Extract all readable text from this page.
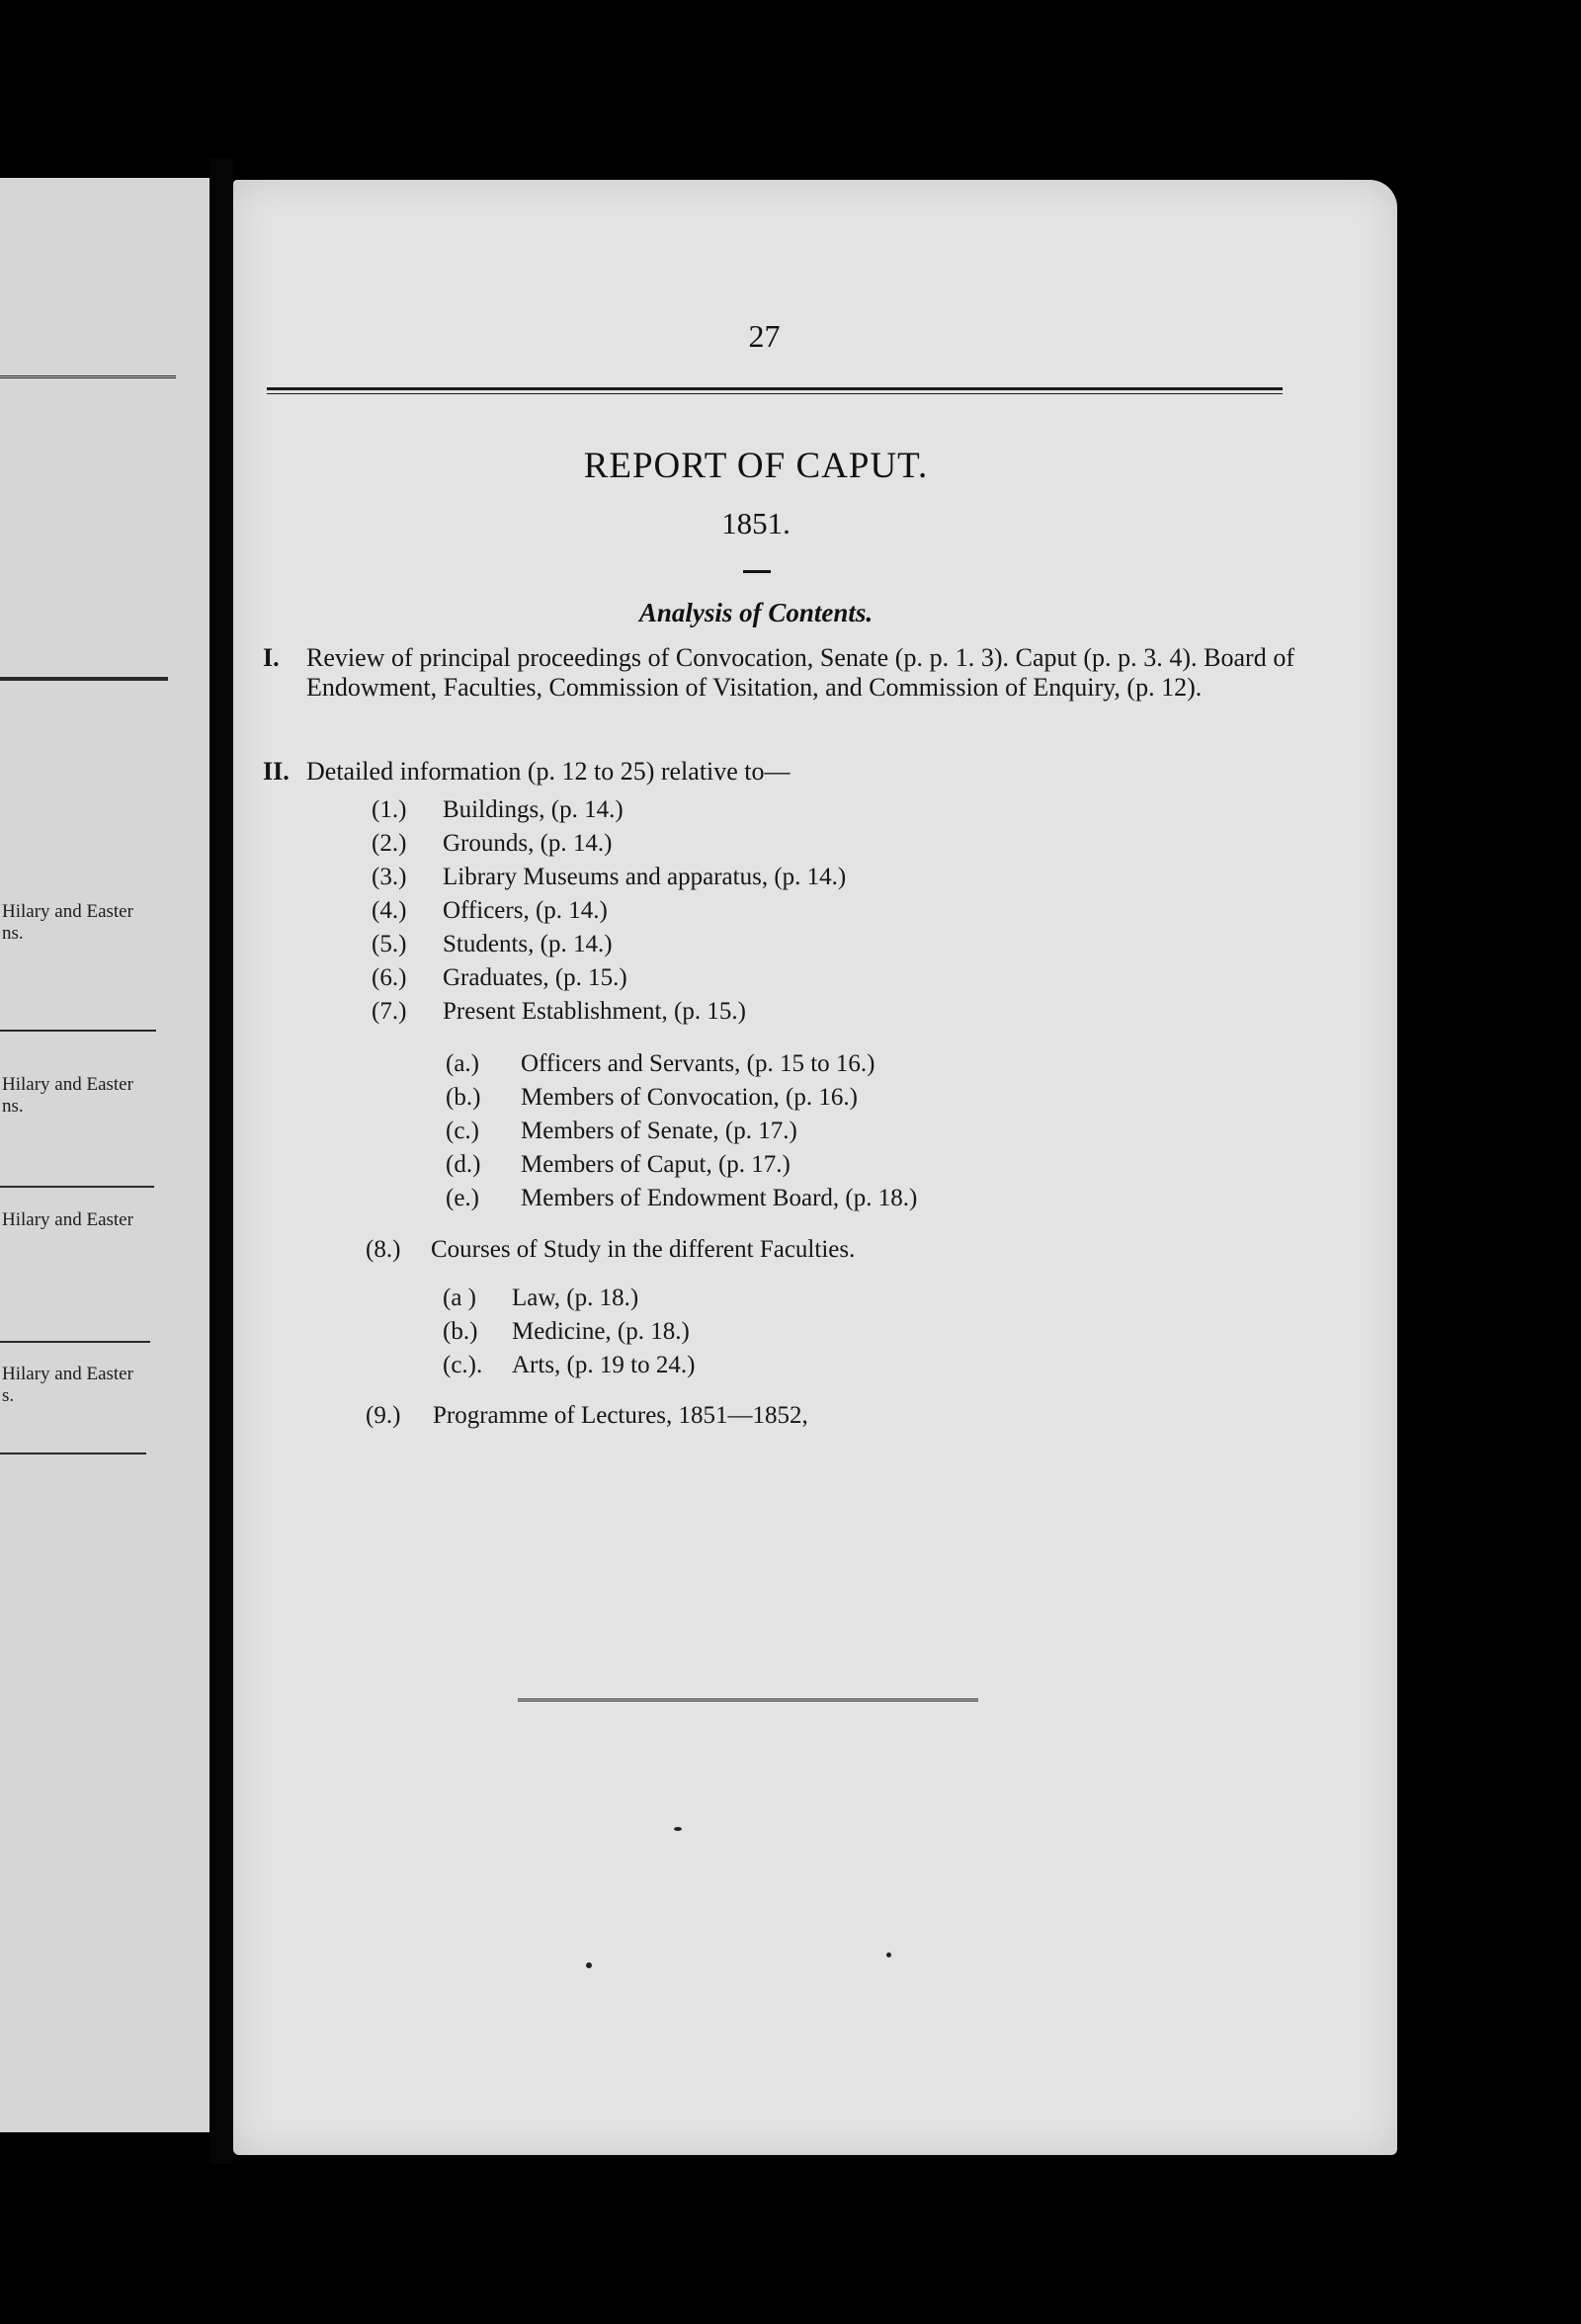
Hilary and Easter
ns.
Hilary and Easter
ns.
Hilary and Easter
Hilary and Easter
s.
27
REPORT OF CAPUT.
1851.
Analysis of Contents.
I. Review of principal proceedings of Convocation, Senate (p. p. 1. 3). Caput (p. p. 3. 4). Board of Endowment, Faculties, Commission of Visitation, and Commission of Enquiry, (p. 12).
II. Detailed information (p. 12 to 25) relative to—
(1.) Buildings, (p. 14.)
(2.) Grounds, (p. 14.)
(3.) Library Museums and apparatus, (p. 14.)
(4.) Officers, (p. 14.)
(5.) Students, (p. 14.)
(6.) Graduates, (p. 15.)
(7.) Present Establishment, (p. 15.)
(a.) Officers and Servants, (p. 15 to 16.)
(b.) Members of Convocation, (p. 16.)
(c.) Members of Senate, (p. 17.)
(d.) Members of Caput, (p. 17.)
(e.) Members of Endowment Board, (p. 18.)
(8.) Courses of Study in the different Faculties.
(a ) Law, (p. 18.)
(b.) Medicine, (p. 18.)
(c.). Arts, (p. 19 to 24.)
(9.) Programme of Lectures, 1851—1852,
